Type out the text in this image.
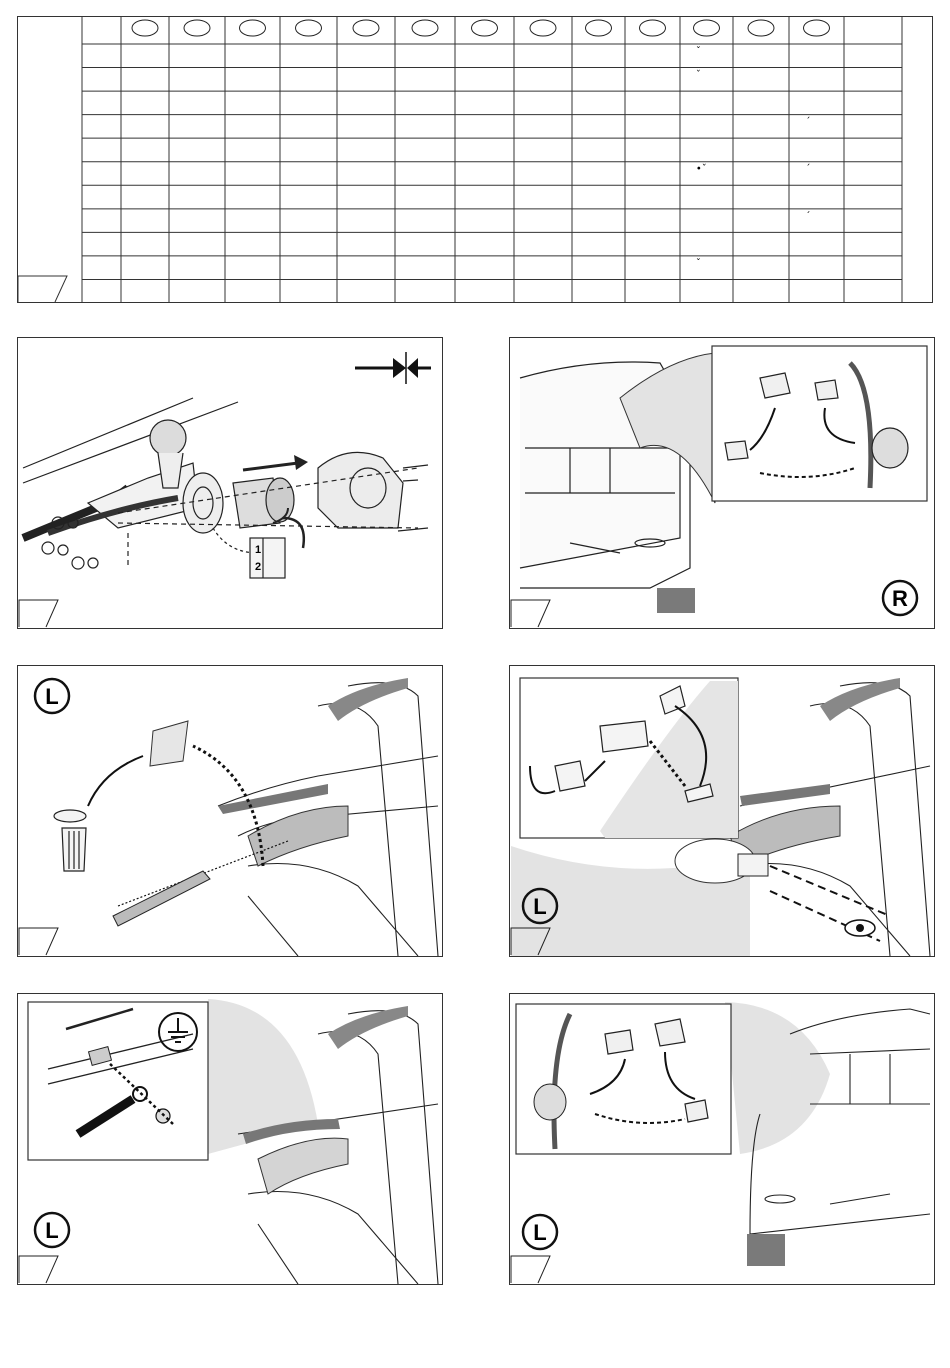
ˇ
ˇ
´
•ˇ	´
´
ˇ
1
2
R
L
L
L	L
